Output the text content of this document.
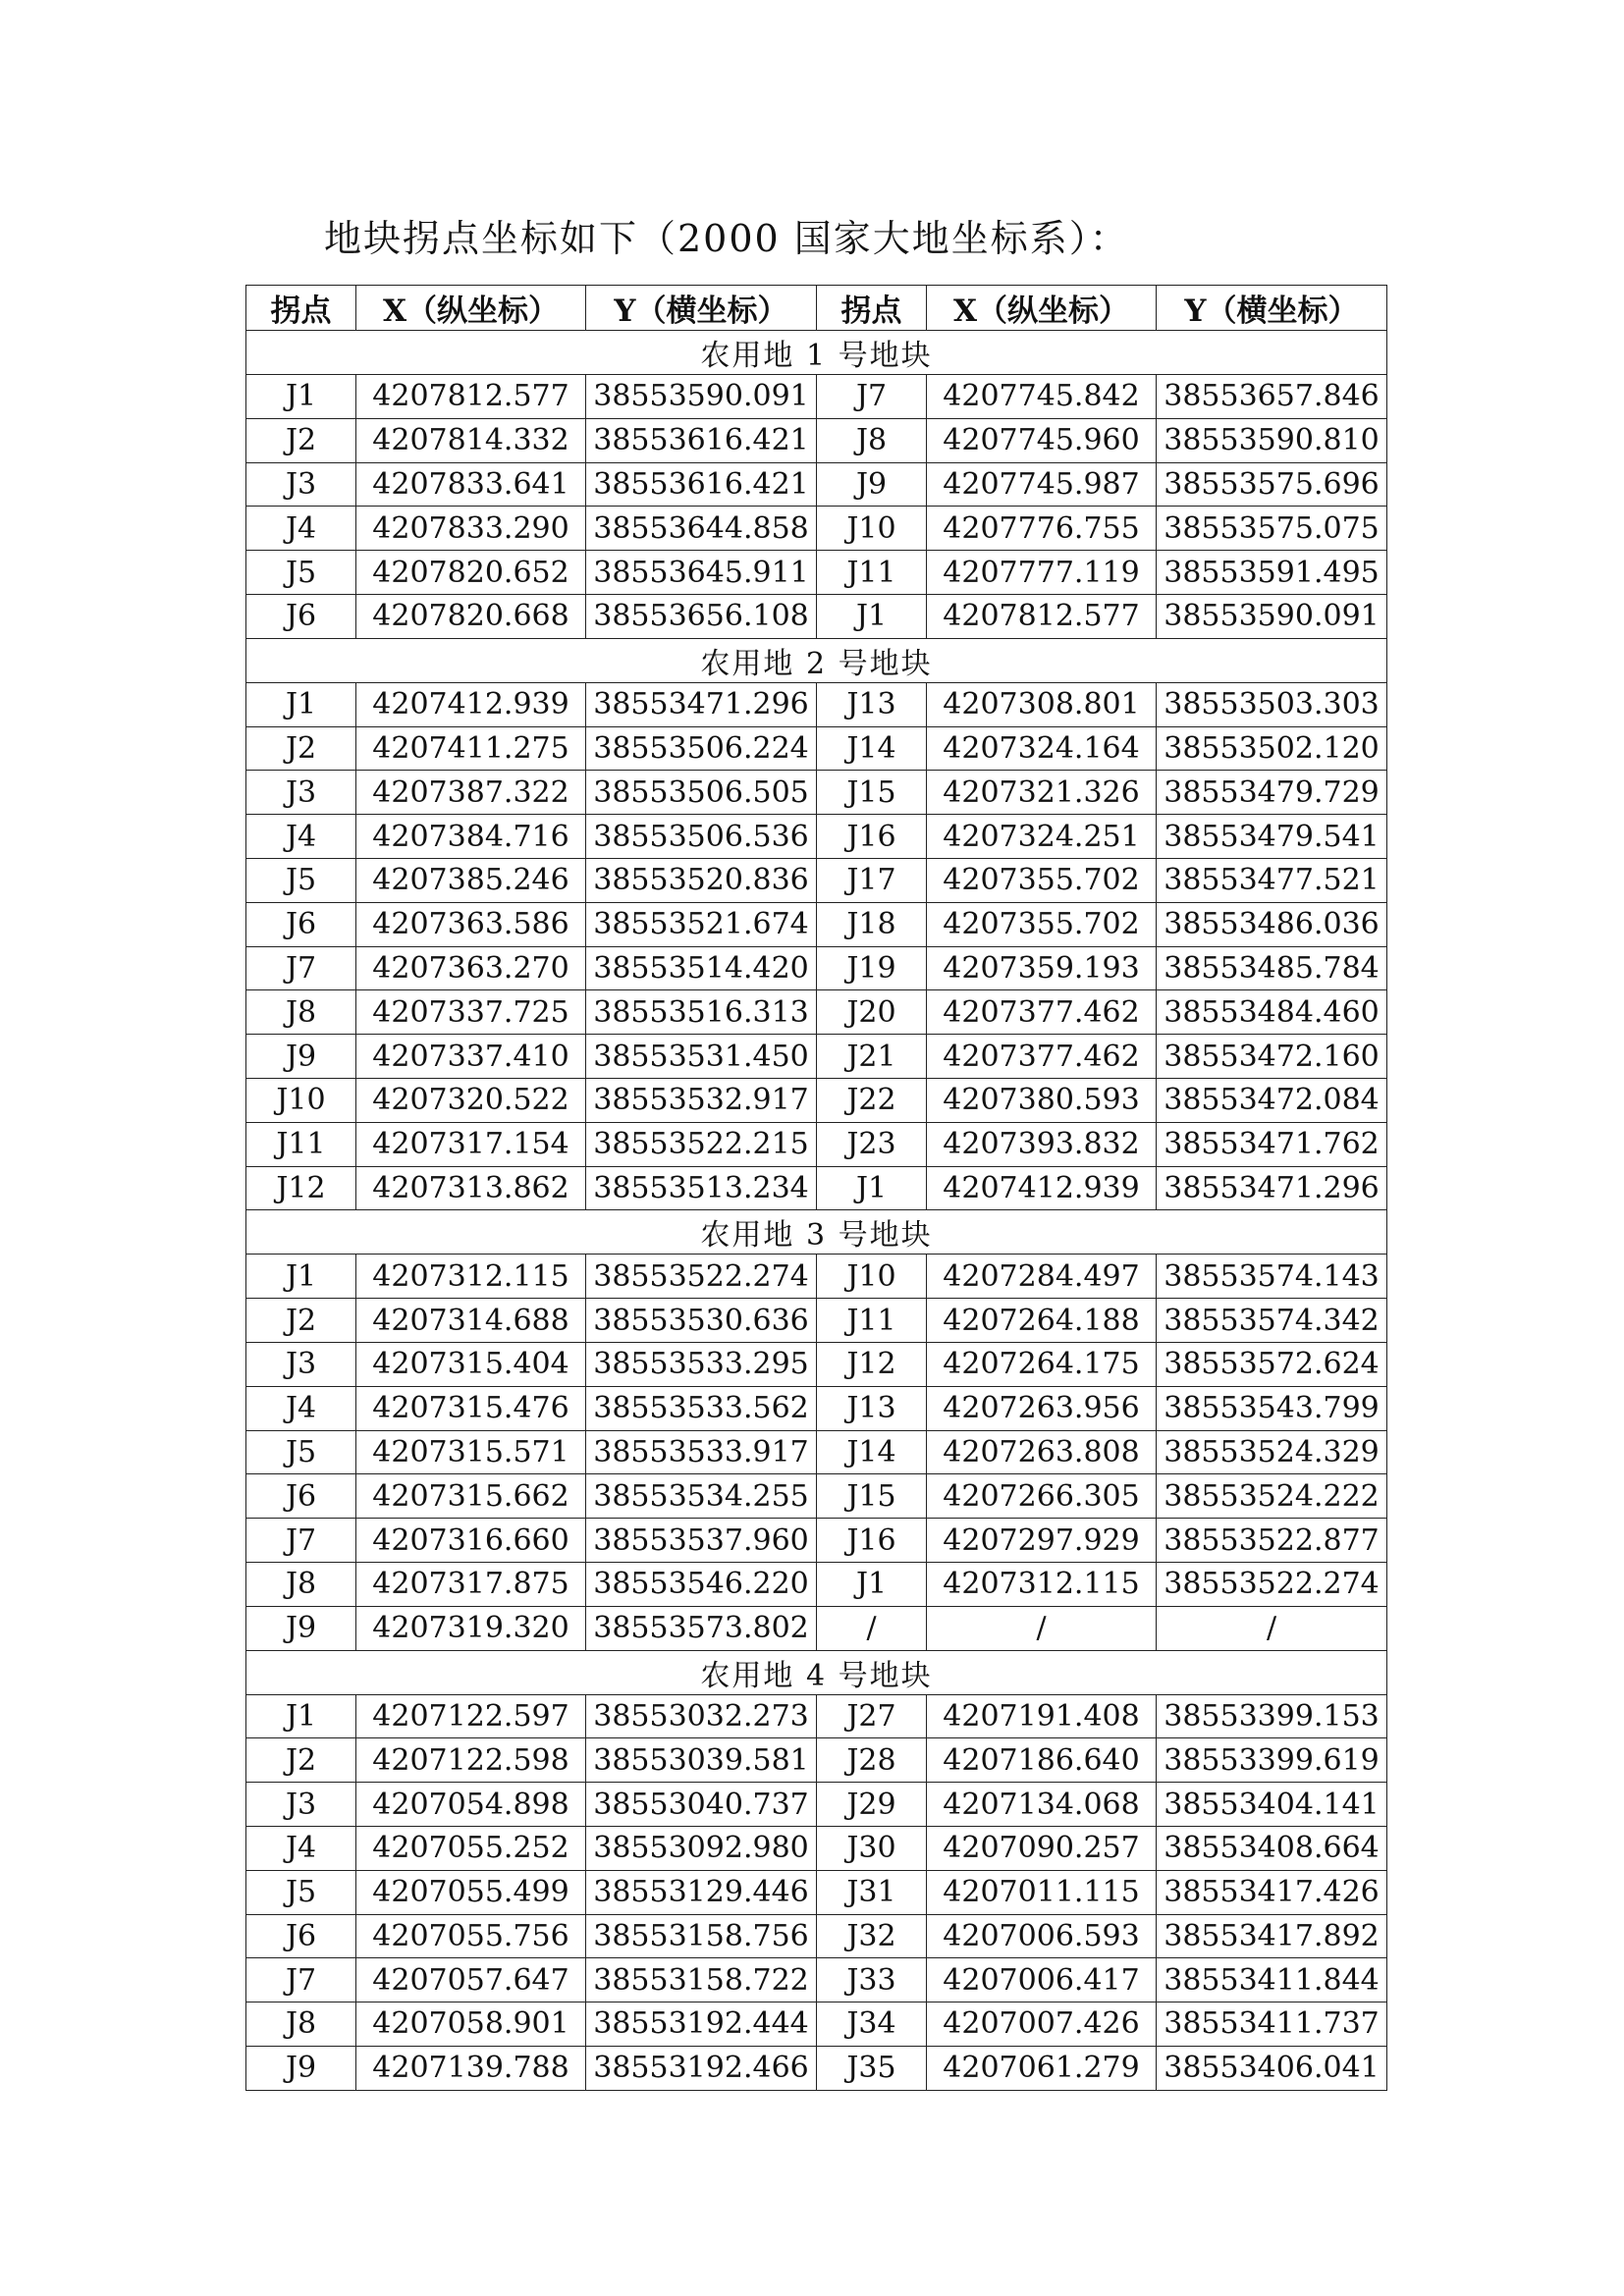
地块拐点坐标如下（2000 国家大地坐标系）：
拐点	X（纵坐标）	Y（横坐标）	拐点	X（纵坐标）	Y（横坐标）
农用地 1 号地块					
J1	4207812.577	38553590.091	J7	4207745.842	38553657.846
J2	4207814.332	38553616.421	J8	4207745.960	38553590.810
J3	4207833.641	38553616.421	J9	4207745.987	38553575.696
J4	4207833.290	38553644.858	J10	4207776.755	38553575.075
J5	4207820.652	38553645.911	J11	4207777.119	38553591.495
J6	4207820.668	38553656.108	J1	4207812.577	38553590.091
农用地 2 号地块					
J1	4207412.939	38553471.296	J13	4207308.801	38553503.303
J2	4207411.275	38553506.224	J14	4207324.164	38553502.120
J3	4207387.322	38553506.505	J15	4207321.326	38553479.729
J4	4207384.716	38553506.536	J16	4207324.251	38553479.541
J5	4207385.246	38553520.836	J17	4207355.702	38553477.521
J6	4207363.586	38553521.674	J18	4207355.702	38553486.036
J7	4207363.270	38553514.420	J19	4207359.193	38553485.784
J8	4207337.725	38553516.313	J20	4207377.462	38553484.460
J9	4207337.410	38553531.450	J21	4207377.462	38553472.160
J10	4207320.522	38553532.917	J22	4207380.593	38553472.084
J11	4207317.154	38553522.215	J23	4207393.832	38553471.762
J12	4207313.862	38553513.234	J1	4207412.939	38553471.296
农用地 3 号地块					
J1	4207312.115	38553522.274	J10	4207284.497	38553574.143
J2	4207314.688	38553530.636	J11	4207264.188	38553574.342
J3	4207315.404	38553533.295	J12	4207264.175	38553572.624
J4	4207315.476	38553533.562	J13	4207263.956	38553543.799
J5	4207315.571	38553533.917	J14	4207263.808	38553524.329
J6	4207315.662	38553534.255	J15	4207266.305	38553524.222
J7	4207316.660	38553537.960	J16	4207297.929	38553522.877
J8	4207317.875	38553546.220	J1	4207312.115	38553522.274
J9	4207319.320	38553573.802	/	/	/
农用地 4 号地块					
J1	4207122.597	38553032.273	J27	4207191.408	38553399.153
J2	4207122.598	38553039.581	J28	4207186.640	38553399.619
J3	4207054.898	38553040.737	J29	4207134.068	38553404.141
J4	4207055.252	38553092.980	J30	4207090.257	38553408.664
J5	4207055.499	38553129.446	J31	4207011.115	38553417.426
J6	4207055.756	38553158.756	J32	4207006.593	38553417.892
J7	4207057.647	38553158.722	J33	4207006.417	38553411.844
J8	4207058.901	38553192.444	J34	4207007.426	38553411.737
J9	4207139.788	38553192.466	J35	4207061.279	38553406.041
